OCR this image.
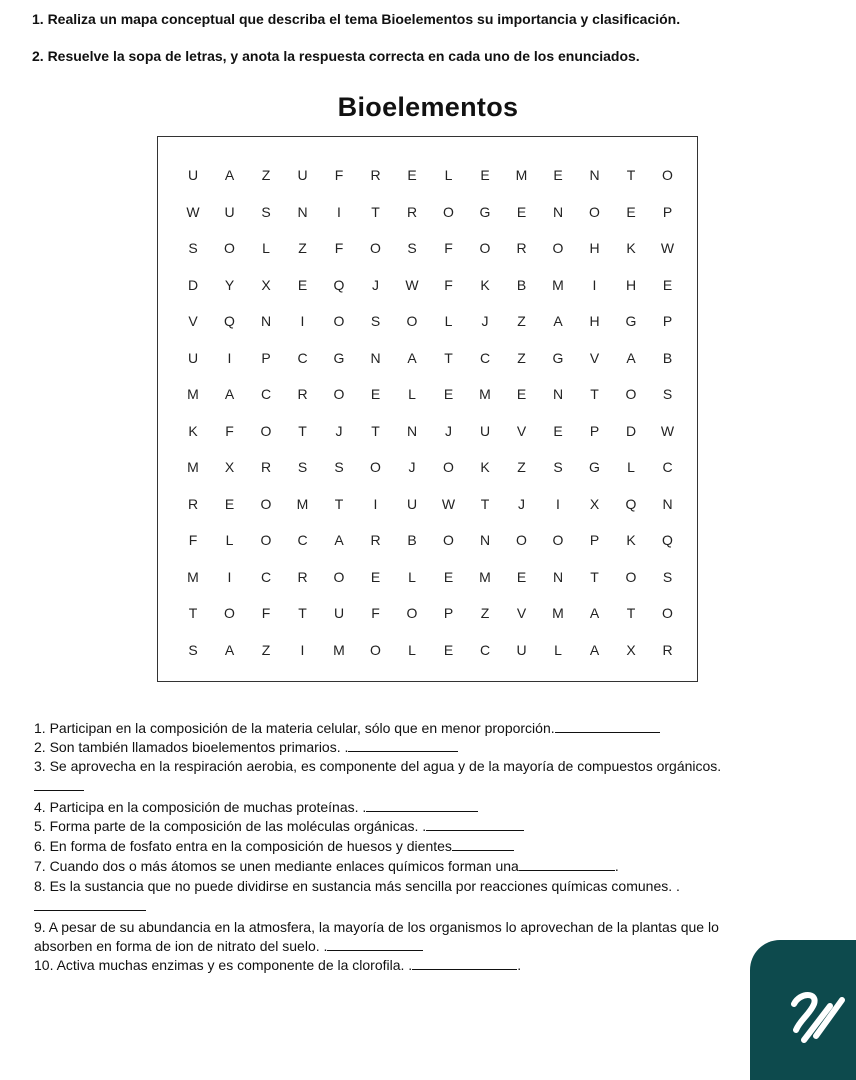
1. Realiza un mapa conceptual que describa el tema Bioelementos su importancia y clasificación.

2. Resuelve la sopa de letras, y anota la respuesta correcta en cada uno de los enunciados.

Bioelementos
U	A	Z	U	F	R	E	L	E	M	E	N	T	O
W	U	S	N	I	T	R	O	G	E	N	O	E	P
S	O	L	Z	F	O	S	F	O	R	O	H	K	W
D	Y	X	E	Q	J	W	F	K	B	M	I	H	E
V	Q	N	I	O	S	O	L	J	Z	A	H	G	P
U	I	P	C	G	N	A	T	C	Z	G	V	A	B
M	A	C	R	O	E	L	E	M	E	N	T	O	S
K	F	O	T	J	T	N	J	U	V	E	P	D	W
M	X	R	S	S	O	J	O	K	Z	S	G	L	C
R	E	O	M	T	I	U	W	T	J	I	X	Q	N
F	L	O	C	A	R	B	O	N	O	O	P	K	Q
M	I	C	R	O	E	L	E	M	E	N	T	O	S
T	O	F	T	U	F	O	P	Z	V	M	A	T	O
S	A	Z	I	M	O	L	E	C	U	L	A	X	R

1. Participan en la composición de la materia celular, sólo que en menor proporción.

2. Son también llamados bioelementos primarios. .

3. Se aprovecha en la respiración aerobia, es componente del agua y de la mayoría de compuestos orgánicos.

4. Participa en la composición de muchas proteínas. .

5. Forma parte de la composición de las moléculas orgánicas. .

6. En forma de fosfato entra en la composición de huesos y dientes

7. Cuando dos o más átomos se unen mediante enlaces químicos forman una	.

8. Es la sustancia que no puede dividirse en sustancia más sencilla por reacciones químicas comunes. .

9. A pesar de su abundancia en la atmosfera, la mayoría de los organismos lo aprovechan de la plantas que lo

absorben en forma de ion de nitrato del suelo. .

10. Activa muchas enzimas y es componente de la clorofila. .	.
